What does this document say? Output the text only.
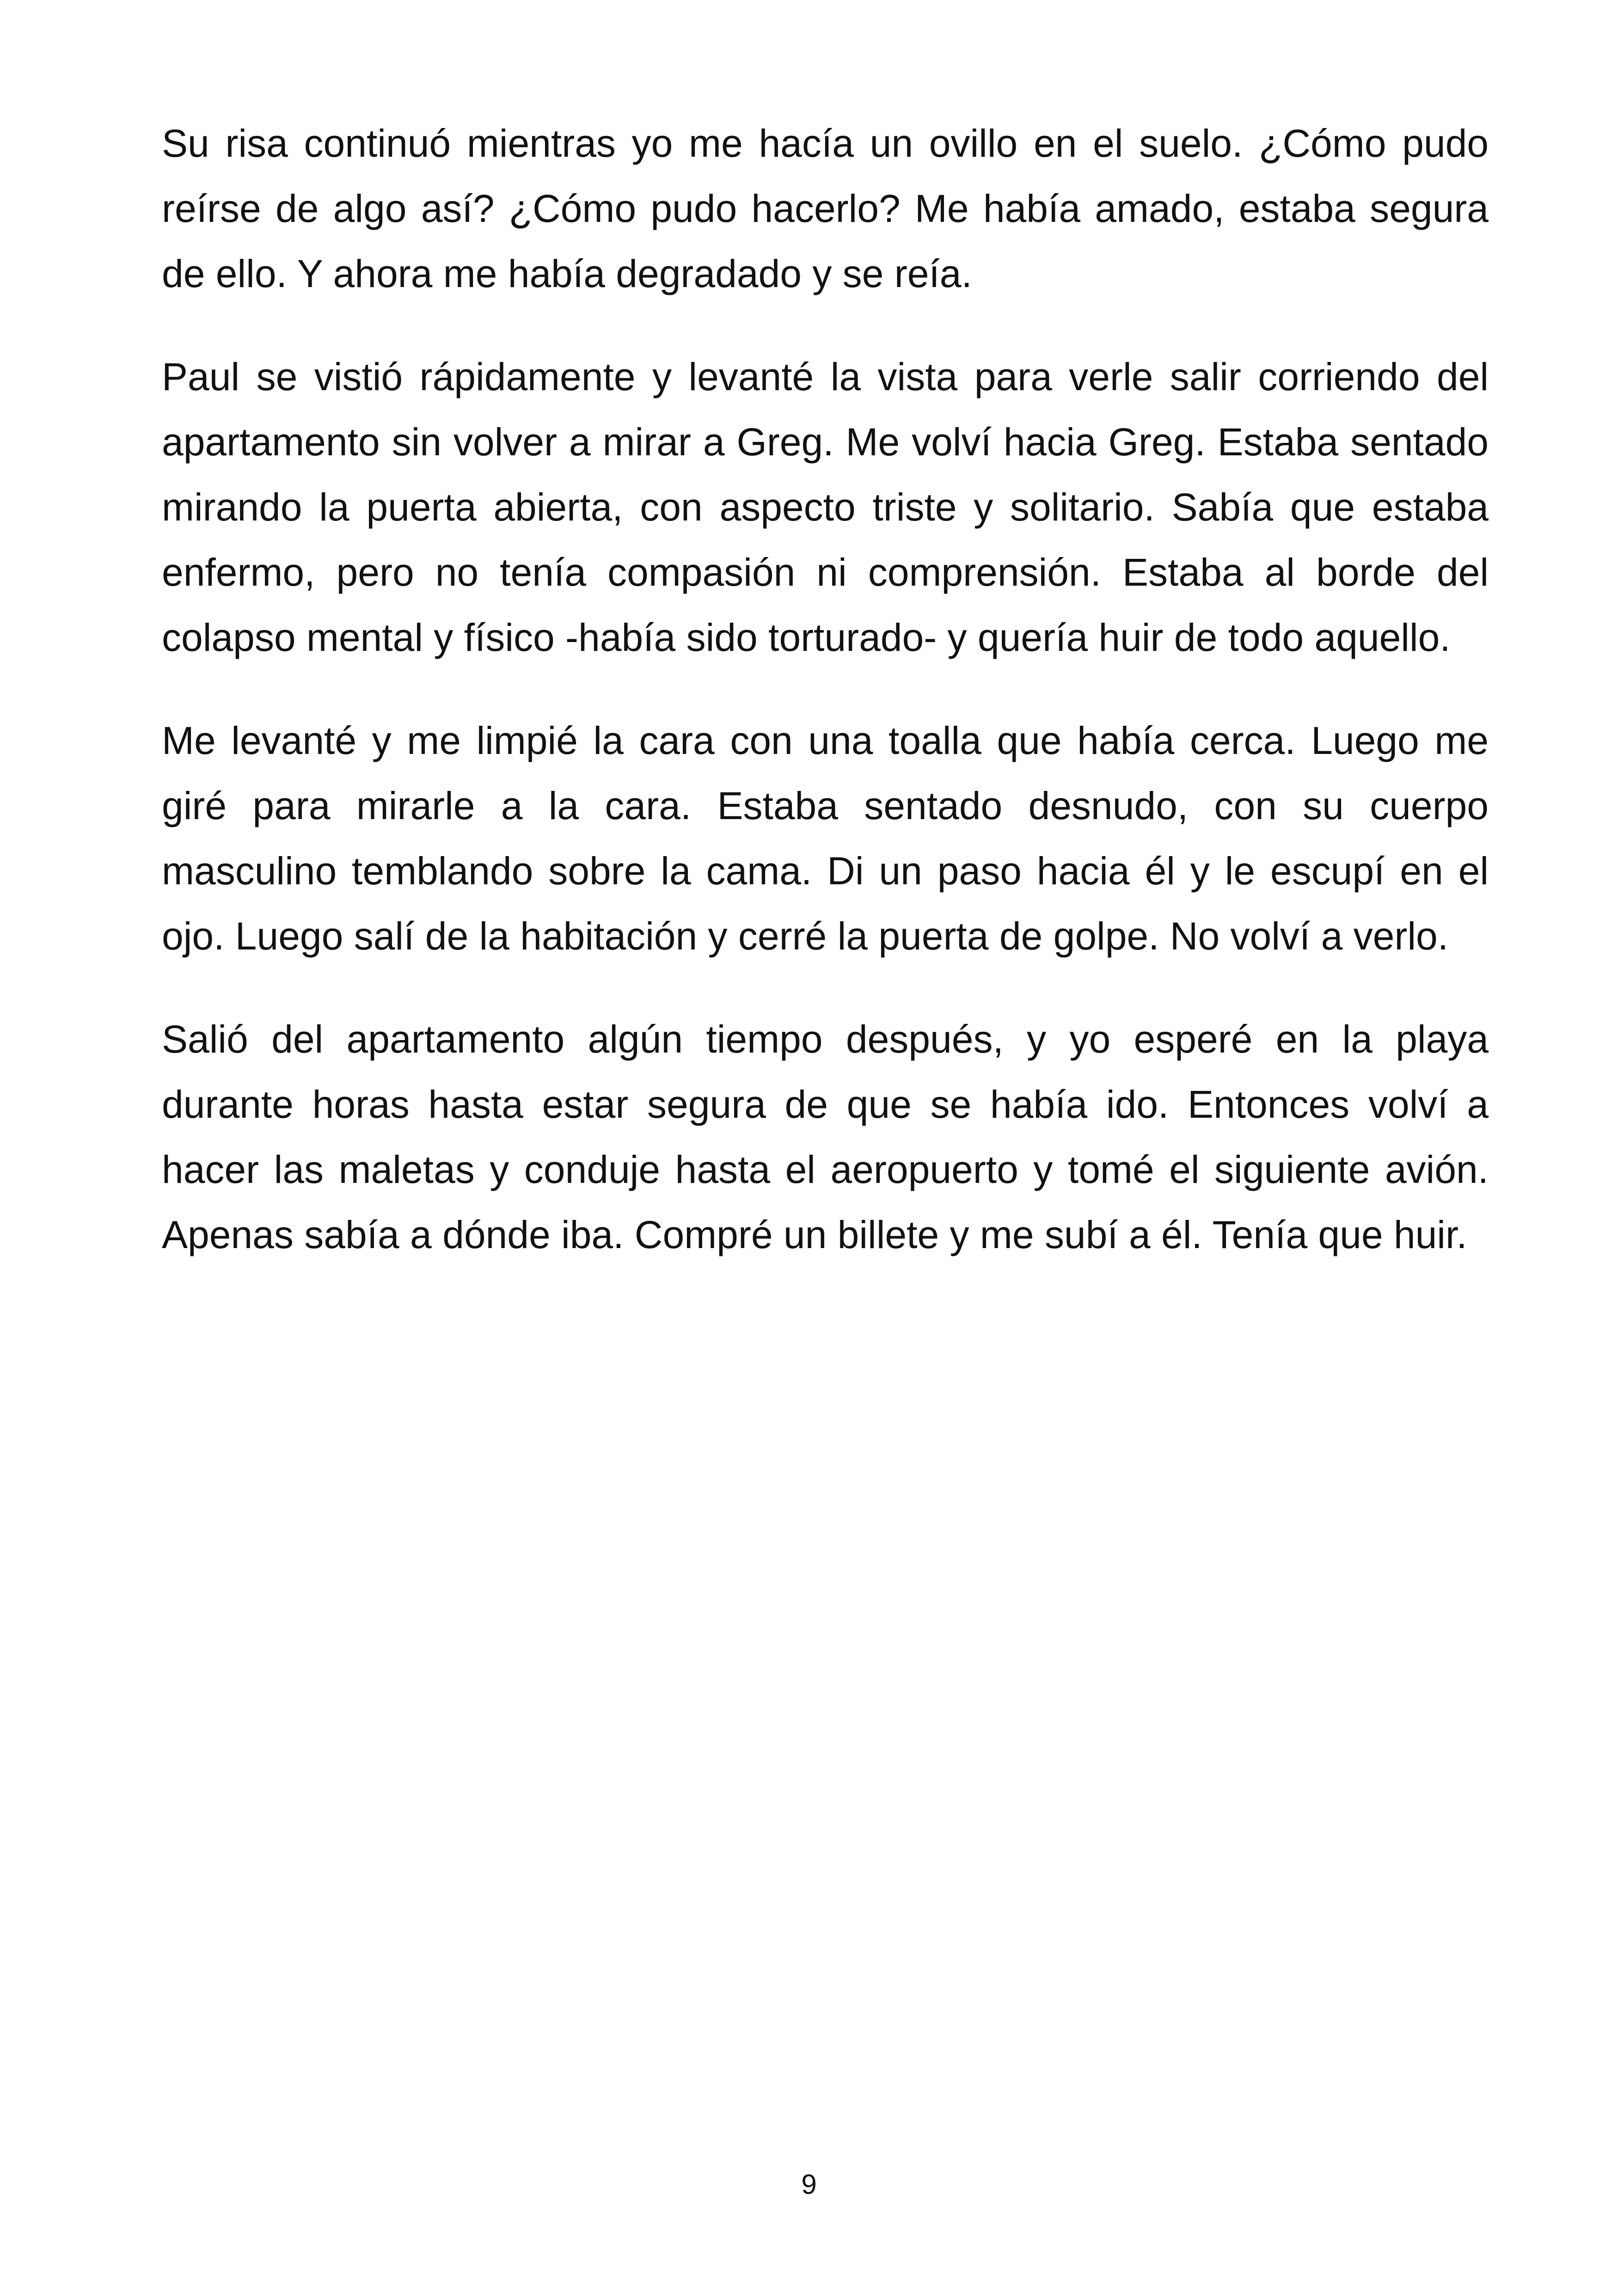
Su risa continuó mientras yo me hacía un ovillo en el suelo. ¿Cómo pudo reírse de algo así? ¿Cómo pudo hacerlo? Me había amado, estaba segura de ello. Y ahora me había degradado y se reía.

Paul se vistió rápidamente y levanté la vista para verle salir corriendo del apartamento sin volver a mirar a Greg. Me volví hacia Greg. Estaba sentado mirando la puerta abierta, con aspecto triste y solitario. Sabía que estaba enfermo, pero no tenía compasión ni comprensión. Estaba al borde del colapso mental y físico -había sido torturado- y quería huir de todo aquello.

Me levanté y me limpié la cara con una toalla que había cerca. Luego me giré para mirarle a la cara. Estaba sentado desnudo, con su cuerpo masculino temblando sobre la cama. Di un paso hacia él y le escupí en el ojo. Luego salí de la habitación y cerré la puerta de golpe. No volví a verlo.

Salió del apartamento algún tiempo después, y yo esperé en la playa durante horas hasta estar segura de que se había ido. Entonces volví a hacer las maletas y conduje hasta el aeropuerto y tomé el siguiente avión. Apenas sabía a dónde iba. Compré un billete y me subí a él. Tenía que huir.

9
